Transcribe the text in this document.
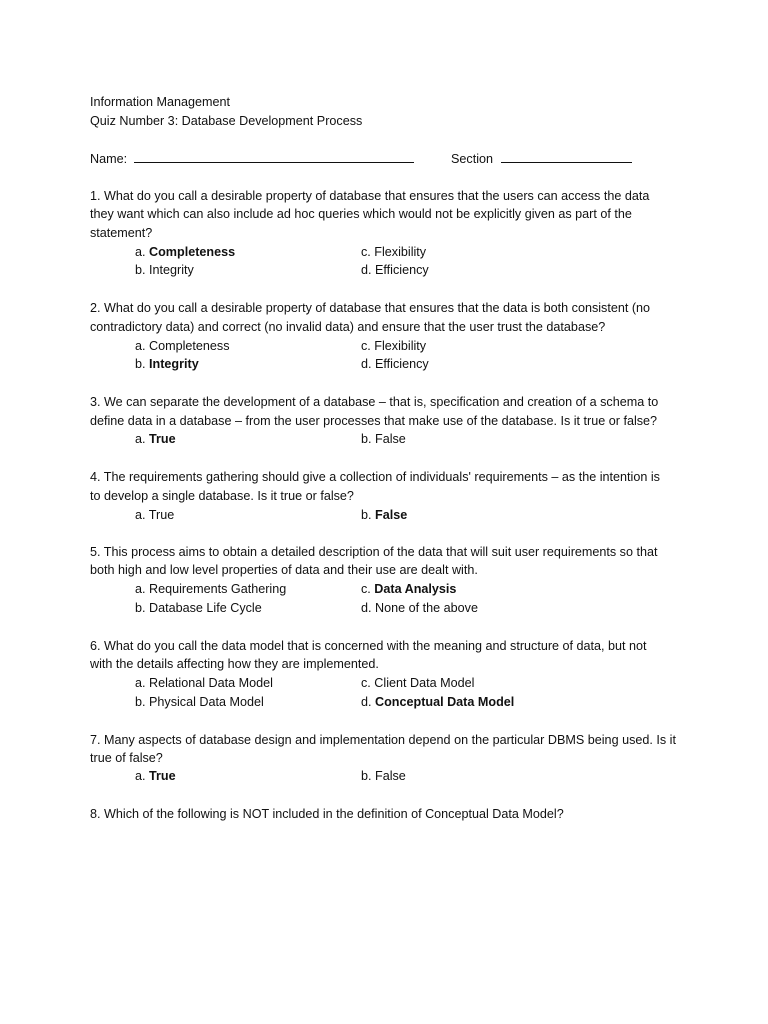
Information Management
Quiz Number 3: Database Development Process
Name:	Section
1. What do you call a desirable property of database that ensures that the users can access the data
they want which can also include ad hoc queries which would not be explicitly given as part of the
statement?
a. Completeness
b. Integrity
c. Flexibility
d. Efficiency
2. What do you call a desirable property of database that ensures that the data is both consistent (no
contradictory data) and correct (no invalid data) and ensure that the user trust the database?
a. Completeness
b. Integrity
c. Flexibility
d. Efficiency
3. We can separate the development of a database – that is, specification and creation of a schema to
define data in a database – from the user processes that make use of the database. Is it true or false?
a. True	b. False
4. The requirements gathering should give a collection of individuals' requirements – as the intention is
to develop a single database. Is it true or false?
a. True	b. False
5. This process aims to obtain a detailed description of the data that will suit user requirements so that
both high and low level properties of data and their use are dealt with.
a. Requirements Gathering
b. Database Life Cycle
c. Data Analysis
d. None of the above
6. What do you call the data model that is concerned with the meaning and structure of data, but not
with the details affecting how they are implemented.
a. Relational Data Model
b. Physical Data Model
c. Client Data Model
d. Conceptual Data Model
7. Many aspects of database design and implementation depend on the particular DBMS being used. Is it
true of false?
a. True	b. False
8. Which of the following is NOT included in the definition of Conceptual Data Model?
